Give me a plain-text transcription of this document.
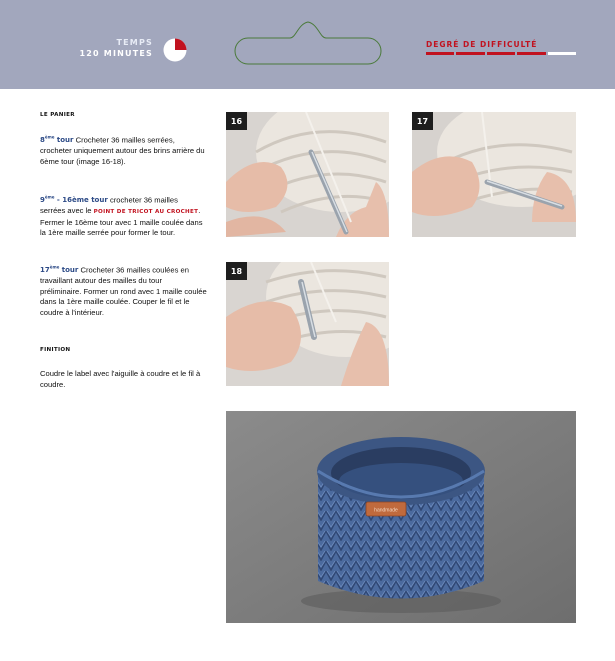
TEMPS
120 MINUTES
DEGRÉ DE DIFFICULTÉ
LE PANIER
8ème tour Crocheter 36 mailles serrées,
crocheter uniquement autour des brins arrière du
6ème tour (image 16-18).
9ème - 16ème tour crocheter 36 mailles
serrées avec le POINT DE TRICOT AU CROCHET.
Fermer le 16ème tour avec 1 maille coulée dans
la 1ère maille serrée pour former le tour.
17ème tour Crocheter 36 mailles coulées en
travaillant autour des mailles du tour
préliminaire. Former un rond avec 1 maille coulée
dans la 1ère maille coulée. Couper le fil et le
coudre à l'intérieur.
FINITION
Coudre le label avec l'aiguille à coudre et le fil à
coudre.
16	17
18
handmade
